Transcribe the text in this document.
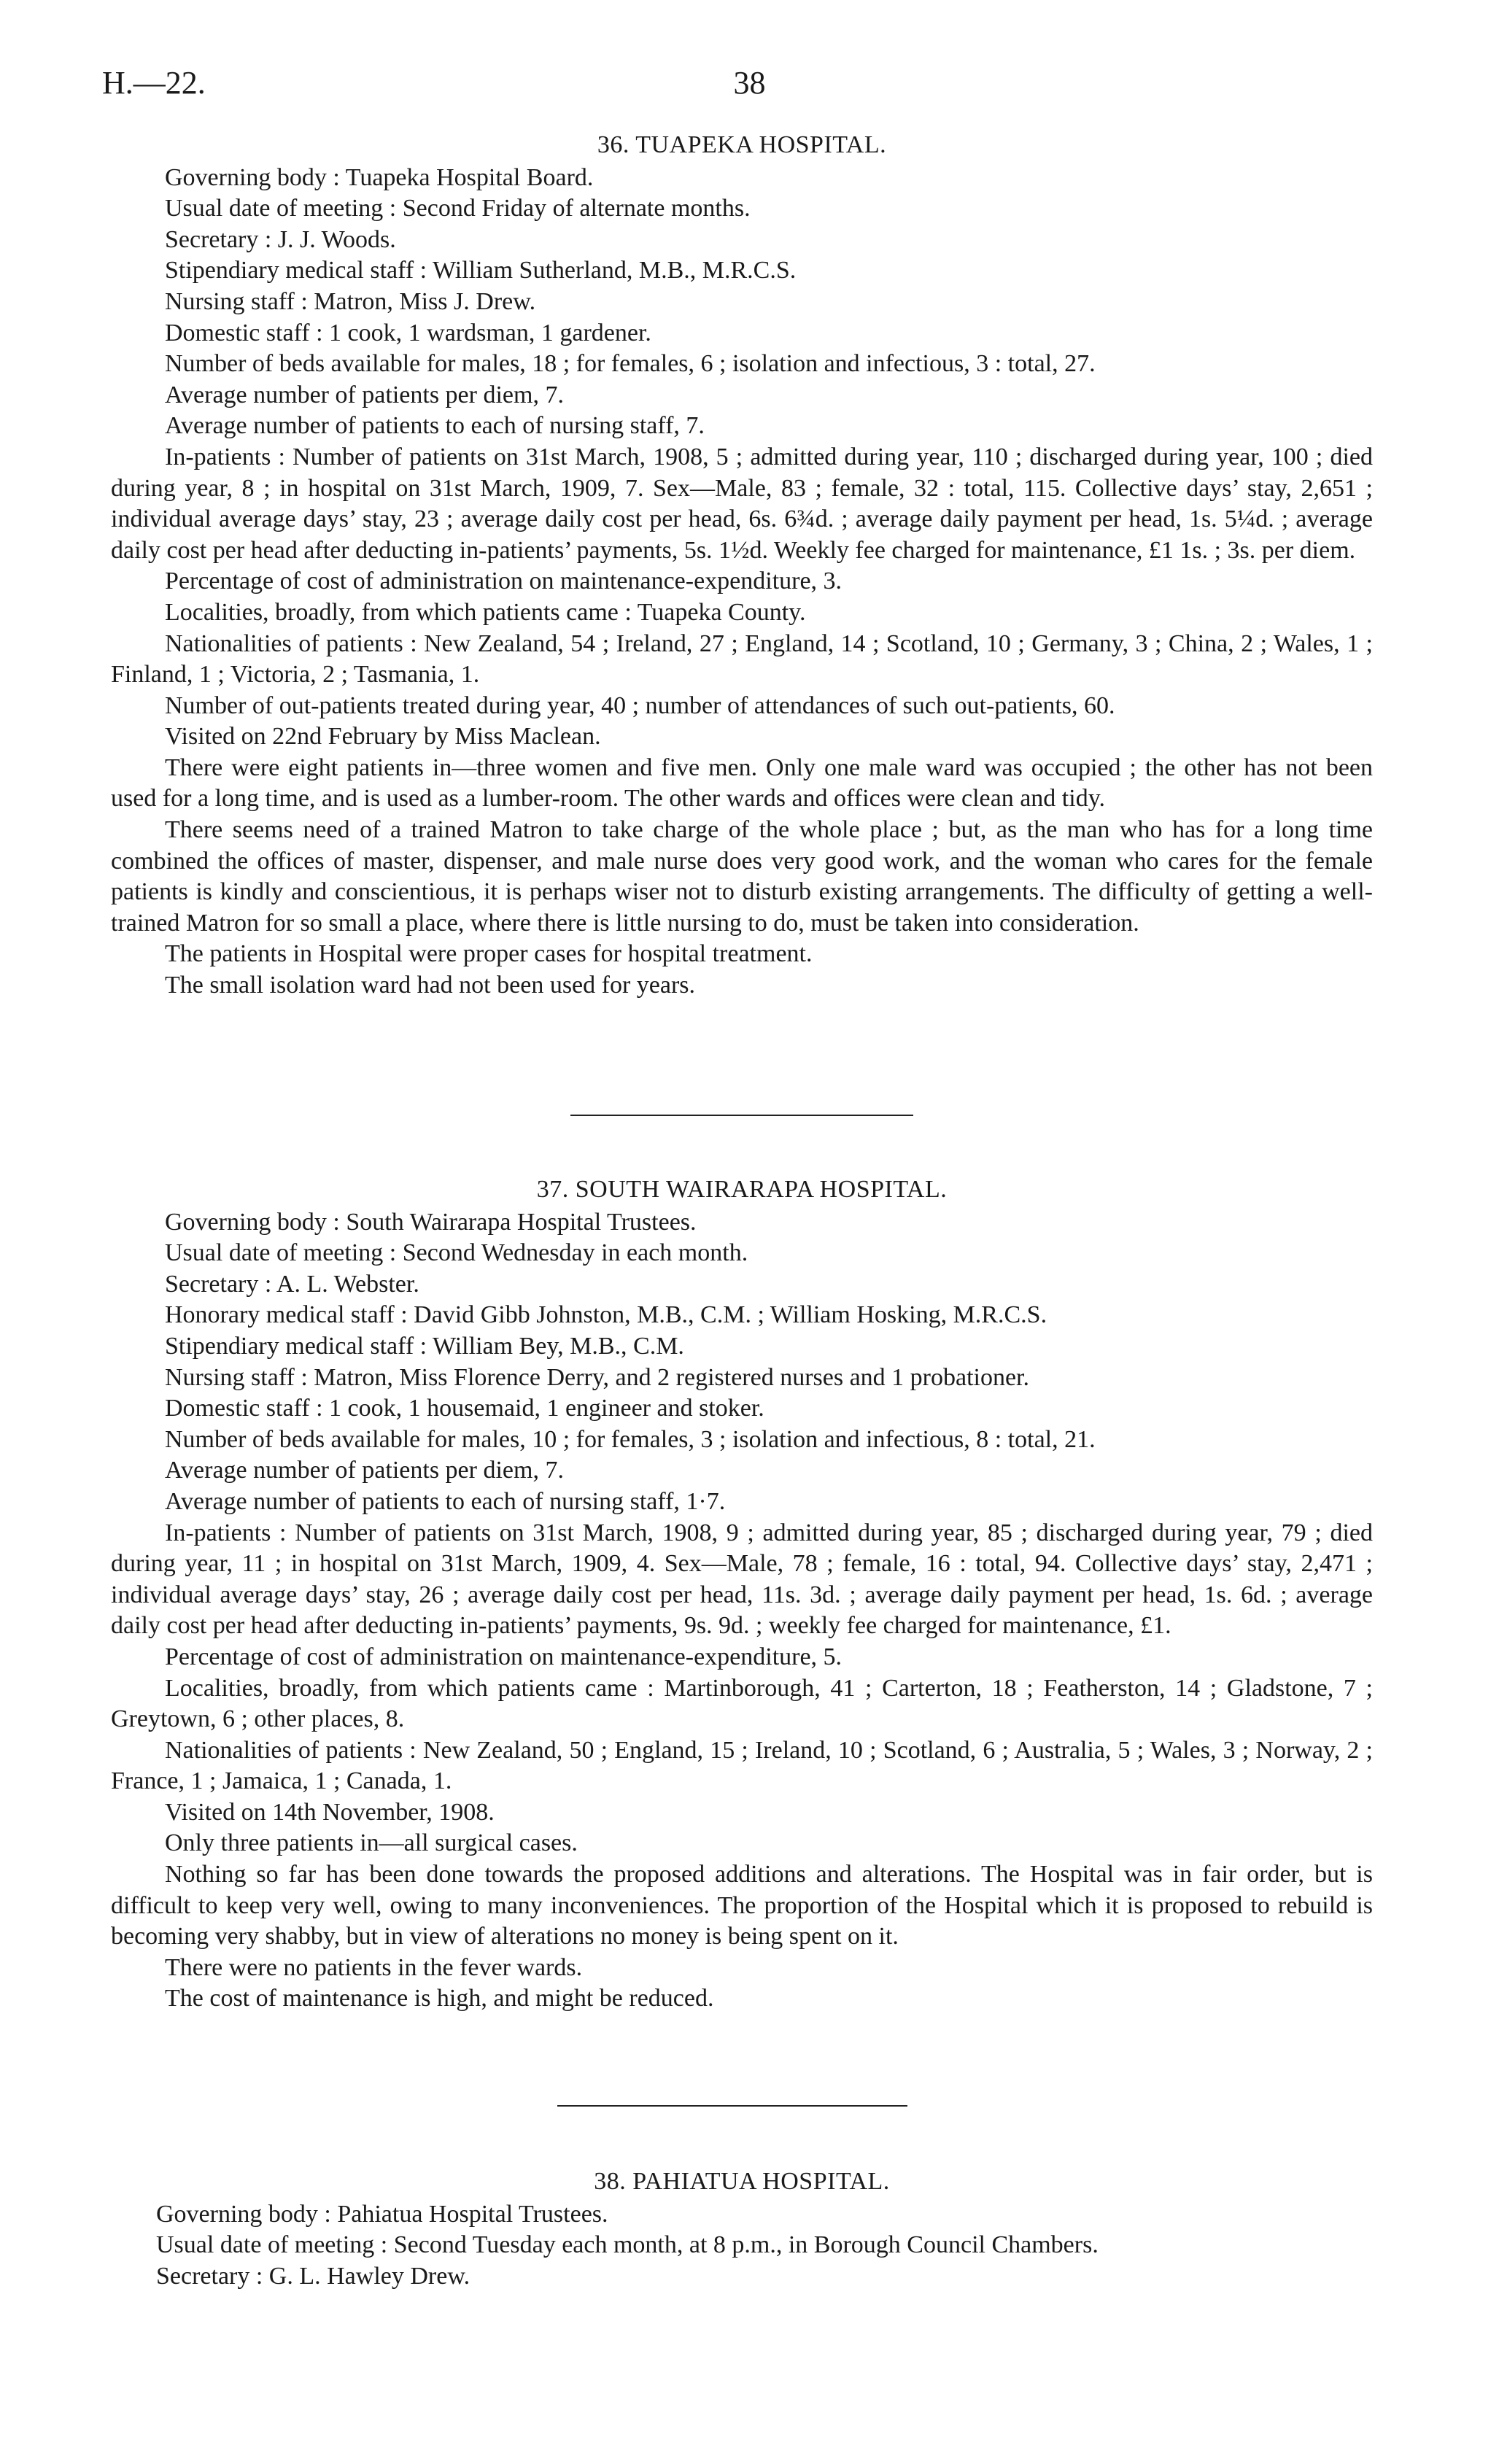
H.—22.	38

36. TUAPEKA HOSPITAL.

Governing body : Tuapeka Hospital Board.

Usual date of meeting : Second Friday of alternate months.

Secretary : J. J. Woods.

Stipendiary medical staff : William Sutherland, M.B., M.R.C.S.

Nursing staff : Matron, Miss J. Drew.

Domestic staff : 1 cook, 1 wardsman, 1 gardener.

Number of beds available for males, 18 ; for females, 6 ; isolation and infectious, 3 : total, 27.

Average number of patients per diem, 7.

Average number of patients to each of nursing staff, 7.

In-patients : Number of patients on 31st March, 1908, 5 ; admitted during year, 110 ; discharged during year, 100 ; died during year, 8 ; in hospital on 31st March, 1909, 7. Sex—Male, 83 ; female, 32 : total, 115. Collective days’ stay, 2,651 ; individual average days’ stay, 23 ; average daily cost per head, 6s. 6¾d. ; average daily payment per head, 1s. 5¼d. ; average daily cost per head after deducting in-patients’ payments, 5s. 1½d. Weekly fee charged for maintenance, £1 1s. ; 3s. per diem.

Percentage of cost of administration on maintenance-expenditure, 3.

Localities, broadly, from which patients came : Tuapeka County.

Nationalities of patients : New Zealand, 54 ; Ireland, 27 ; England, 14 ; Scotland, 10 ; Germany, 3 ; China, 2 ; Wales, 1 ; Finland, 1 ; Victoria, 2 ; Tasmania, 1.

Number of out-patients treated during year, 40 ; number of attendances of such out-patients, 60.

Visited on 22nd February by Miss Maclean.

There were eight patients in—three women and five men. Only one male ward was occupied ; the other has not been used for a long time, and is used as a lumber-room. The other wards and offices were clean and tidy.

There seems need of a trained Matron to take charge of the whole place ; but, as the man who has for a long time combined the offices of master, dispenser, and male nurse does very good work, and the woman who cares for the female patients is kindly and conscientious, it is perhaps wiser not to disturb existing arrangements. The difficulty of getting a well-trained Matron for so small a place, where there is little nursing to do, must be taken into consideration.

The patients in Hospital were proper cases for hospital treatment.

The small isolation ward had not been used for years.

37. SOUTH WAIRARAPA HOSPITAL.

Governing body : South Wairarapa Hospital Trustees.

Usual date of meeting : Second Wednesday in each month.

Secretary : A. L. Webster.

Honorary medical staff : David Gibb Johnston, M.B., C.M. ; William Hosking, M.R.C.S.

Stipendiary medical staff : William Bey, M.B., C.M.

Nursing staff : Matron, Miss Florence Derry, and 2 registered nurses and 1 probationer.

Domestic staff : 1 cook, 1 housemaid, 1 engineer and stoker.

Number of beds available for males, 10 ; for females, 3 ; isolation and infectious, 8 : total, 21.

Average number of patients per diem, 7.

Average number of patients to each of nursing staff, 1·7.

In-patients : Number of patients on 31st March, 1908, 9 ; admitted during year, 85 ; discharged during year, 79 ; died during year, 11 ; in hospital on 31st March, 1909, 4. Sex—Male, 78 ; female, 16 : total, 94. Collective days’ stay, 2,471 ; individual average days’ stay, 26 ; average daily cost per head, 11s. 3d. ; average daily payment per head, 1s. 6d. ; average daily cost per head after deducting in-patients’ payments, 9s. 9d. ; weekly fee charged for maintenance, £1.

Percentage of cost of administration on maintenance-expenditure, 5.

Localities, broadly, from which patients came : Martinborough, 41 ; Carterton, 18 ; Featherston, 14 ; Gladstone, 7 ; Greytown, 6 ; other places, 8.

Nationalities of patients : New Zealand, 50 ; England, 15 ; Ireland, 10 ; Scotland, 6 ; Australia, 5 ; Wales, 3 ; Norway, 2 ; France, 1 ; Jamaica, 1 ; Canada, 1.

Visited on 14th November, 1908.

Only three patients in—all surgical cases.

Nothing so far has been done towards the proposed additions and alterations. The Hospital was in fair order, but is difficult to keep very well, owing to many inconveniences. The proportion of the Hospital which it is proposed to rebuild is becoming very shabby, but in view of alterations no money is being spent on it.

There were no patients in the fever wards.

The cost of maintenance is high, and might be reduced.

38. PAHIATUA HOSPITAL.

Governing body : Pahiatua Hospital Trustees.

Usual date of meeting : Second Tuesday each month, at 8 p.m., in Borough Council Chambers.

Secretary : G. L. Hawley Drew.
